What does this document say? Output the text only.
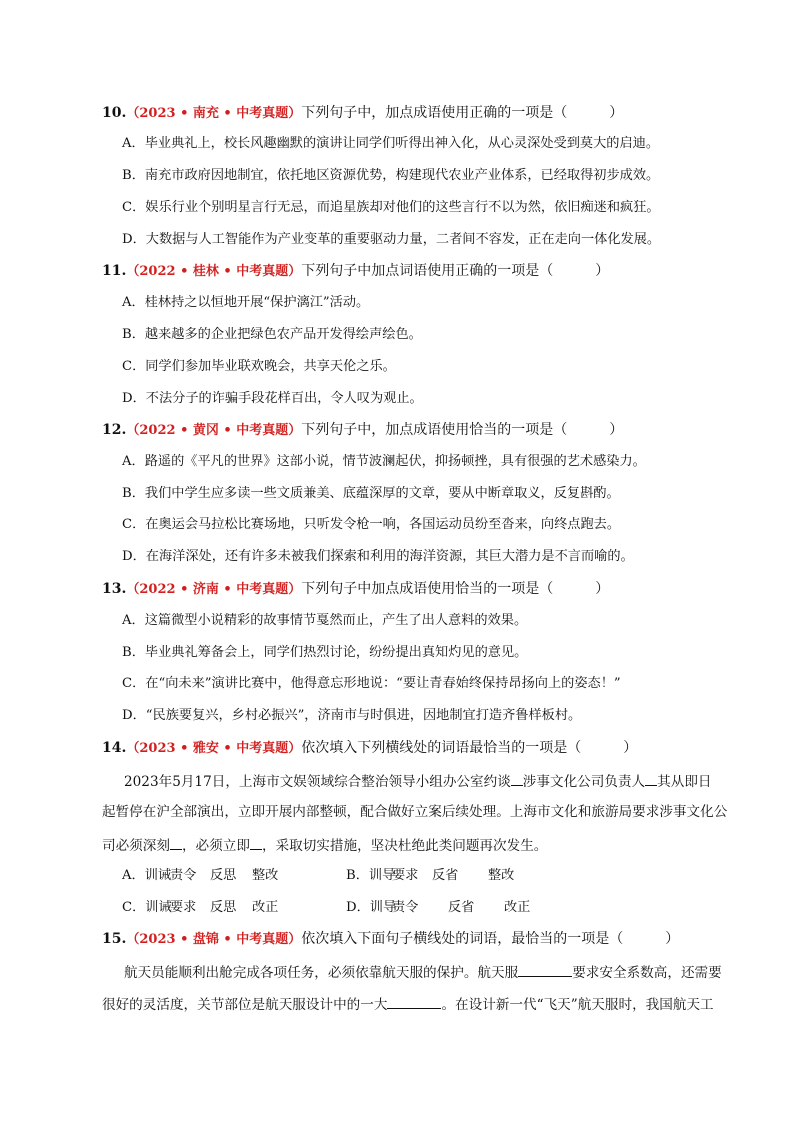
10.（2023 • 南充 • 中考真题）下列句子中，加点成语使用正确的一项是（　　　）
A．毕业典礼上，校长风趣幽默的演讲让同学们听得出神入化，从心灵深处受到莫大的启迪。
B．南充市政府因地制宜，依托地区资源优势，构建现代农业产业体系，已经取得初步成效。
C．娱乐行业个别明星言行无忌，而追星族却对他们的这些言行不以为然，依旧痴迷和疯狂。
D．大数据与人工智能作为产业变革的重要驱动力量，二者间不容发，正在走向一体化发展。
11.（2022 • 桂林 • 中考真题）下列句子中加点词语使用正确的一项是（　　　）
A．桂林持之以恒地开展“保护漓江”活动。
B．越来越多的企业把绿色农产品开发得绘声绘色。
C．同学们参加毕业联欢晚会，共享天伦之乐。
D．不法分子的诈骗手段花样百出，令人叹为观止。
12.（2022 • 黄冈 • 中考真题）下列句子中，加点成语使用恰当的一项是（　　　）
A．路遥的《平凡的世界》这部小说，情节波澜起伏，抑扬顿挫，具有很强的艺术感染力。
B．我们中学生应多读一些文质兼美、底蕴深厚的文章，要从中断章取义，反复斟酌。
C．在奥运会马拉松比赛场地，只听发令枪一响，各国运动员纷至沓来，向终点跑去。
D．在海洋深处，还有许多未被我们探索和利用的海洋资源，其巨大潜力是不言而喻的。
13.（2022 • 济南 • 中考真题）下列句子中加点成语使用恰当的一项是（　　　）
A．这篇微型小说精彩的故事情节戛然而止，产生了出人意料的效果。
B．毕业典礼筹备会上，同学们热烈讨论，纷纷提出真知灼见的意见。
C．在“向未来”演讲比赛中，他得意忘形地说：“要让青春始终保持昂扬向上的姿态！”
D．“民族要复兴，乡村必振兴”，济南市与时俱进，因地制宜打造齐鲁样板村。
14.（2023 • 雅安 • 中考真题）依次填入下列横线处的词语最恰当的一项是（　　　）
2023年5月17日，上海市文娱领域综合整治领导小组办公室约谈 涉事文化公司负责人 其从即日
起暂停在沪全部演出，立即开展内部整顿，配合做好立案后续处理。上海市文化和旅游局要求涉事文化公
司必须深刻 ，必须立即 ，采取切实措施，坚决杜绝此类问题再次发生。
A．训诫责令 反思 整改	B．训导要求 反省 整改
C．训诫要求 反思 改正	D．训导责令 反省 改正
15.（2023 • 盘锦 • 中考真题）依次填入下面句子横线处的词语，最恰当的一项是（　　　）
航天员能顺利出舱完成各项任务，必须依靠航天服的保护。航天服	要求安全系数高，还需要
很好的灵活度，关节部位是航天服设计中的一大	。在设计新一代“飞天”航天服时，我国航天工
